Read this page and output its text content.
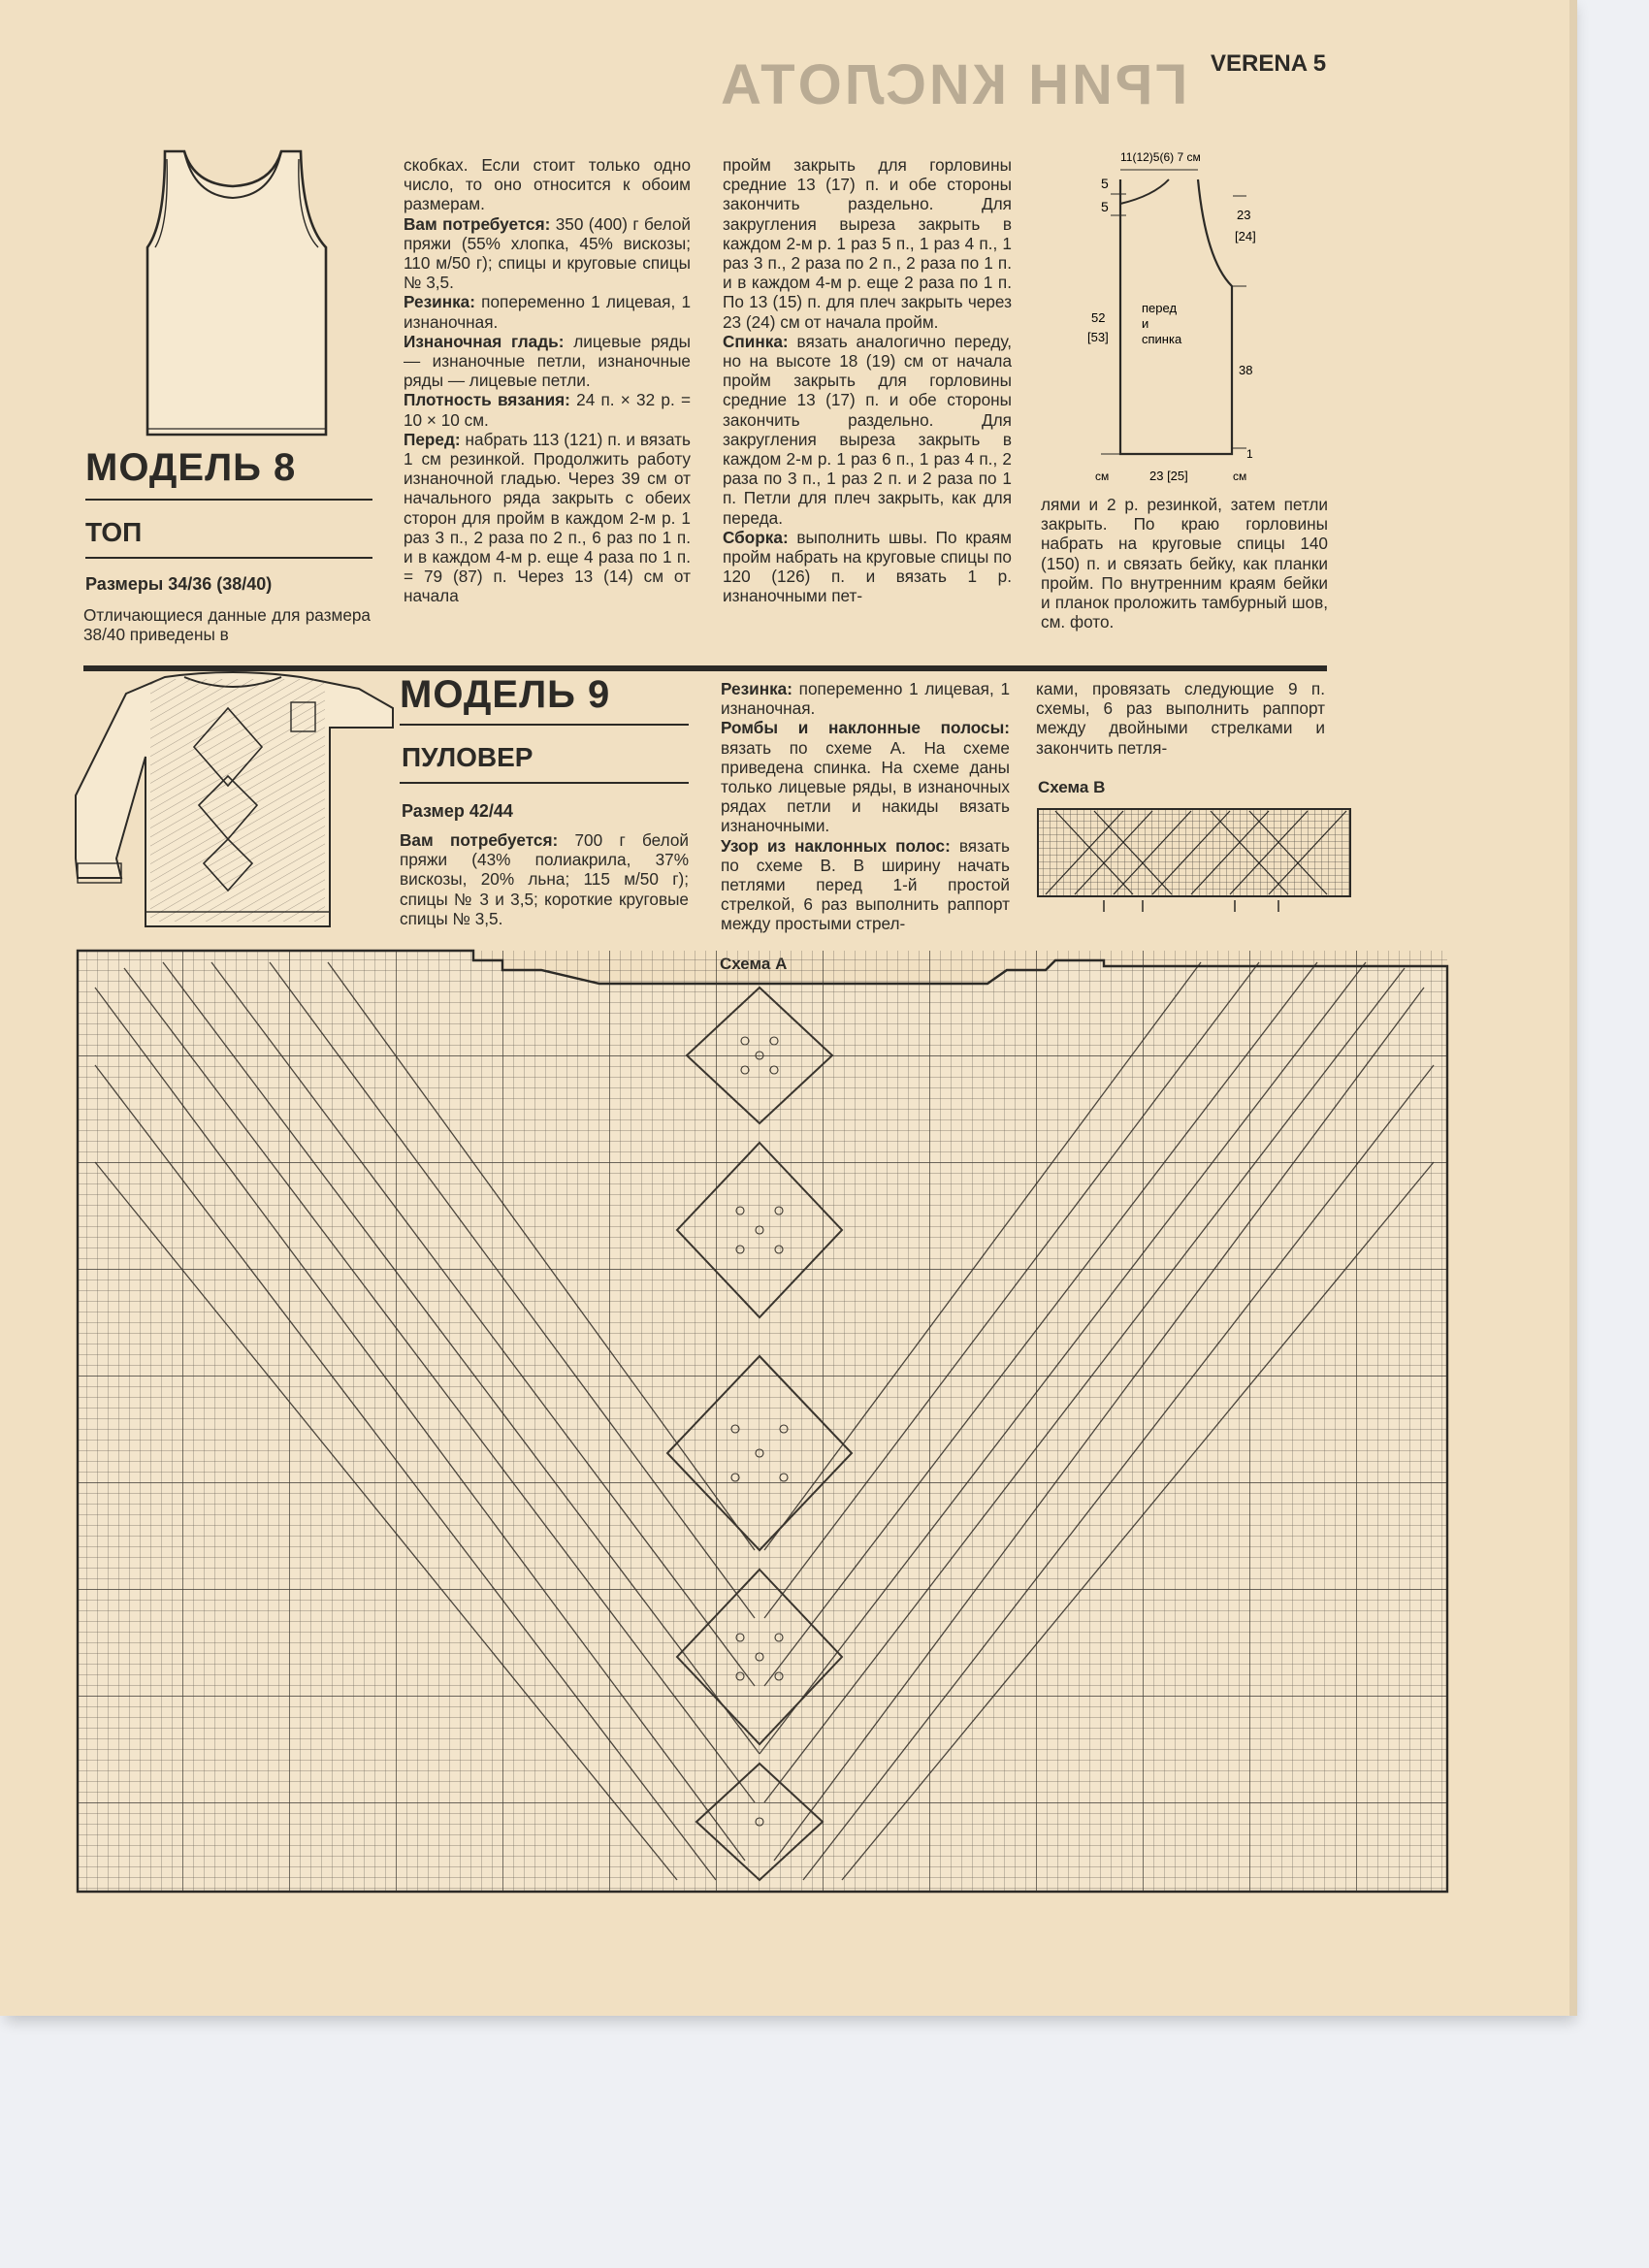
ГРИН КИСЛОТА VERENA 5
МОДЕЛЬ 8
ТОП
Размеры 34/36 (38/40)
Отличающиеся данные для размера 38/40 приведены в
скобках. Если стоит только одно число, то оно относится к обоим размерам.
Вам потребуется: 350 (400) г белой пряжи (55% хлопка, 45% вискозы; 110 м/50 г); спицы и круговые спицы № 3,5.
Резинка: попеременно 1 лицевая, 1 изнаночная.
Изнаночная гладь: лицевые ряды — изнаночные петли, изнаночные ряды — лицевые петли.
Плотность вязания: 24 п. × 32 р. = 10 × 10 см.
Перед: набрать 113 (121) п. и вязать 1 см резинкой. Продолжить работу изнаночной гладью. Через 39 см от начального ряда закрыть с обеих сторон для пройм в каждом 2-м р. 1 раз 3 п., 2 раза по 2 п., 6 раз по 1 п. и в каждом 4-м р. еще 4 раза по 1 п. = 79 (87) п. Через 13 (14) см от начала
пройм закрыть для горловины средние 13 (17) п. и обе стороны закончить раздельно. Для закругления выреза закрыть в каждом 2-м р. 1 раз 5 п., 1 раз 4 п., 1 раз 3 п., 2 раза по 2 п., 2 раза по 1 п. и в каждом 4-м р. еще 2 раза по 1 п. По 13 (15) п. для плеч закрыть через 23 (24) см от начала пройм.
Спинка: вязать аналогично переду, но на высоте 18 (19) см от начала пройм закрыть для горловины средние 13 (17) п. и обе стороны закончить раздельно. Для закругления выреза закрыть в каждом 2-м р. 1 раз 6 п., 1 раз 4 п., 2 раза по 3 п., 1 раз 2 п. и 2 раза по 1 п. Петли для плеч закрыть, как для переда.
Сборка: выполнить швы. По краям пройм набрать на круговые спицы по 120 (126) п. и вязать 1 р. изнаночными пет-
11(12)5(6) 7 см
5
5
23
[24]
38
52
[53]
перед
и
спинка
см	23 [25]	см
1
лями и 2 р. резинкой, затем петли закрыть. По краю горловины набрать на круговые спицы 140 (150) п. и связать бейку, как планки пройм. По внутренним краям бейки и планок проложить тамбурный шов, см. фото.
МОДЕЛЬ 9
ПУЛОВЕР
Размер 42/44
Вам потребуется: 700 г белой пряжи (43% полиакрила, 37% вискозы, 20% льна; 115 м/50 г); спицы № 3 и 3,5; короткие круговые спицы № 3,5.
Резинка: попеременно 1 лицевая, 1 изнаночная.
Ромбы и наклонные полосы: вязать по схеме А. На схеме приведена спинка. На схеме даны только лицевые ряды, в изнаночных рядах петли и накиды вязать изнаночными.
Узор из наклонных полос: вязать по схеме В. В ширину начать петлями перед 1-й простой стрелкой, 6 раз выполнить раппорт между простыми стрел-
ками, провязать следующие 9 п. схемы, 6 раз выполнить раппорт между двойными стрелками и закончить петля-
Схема В
